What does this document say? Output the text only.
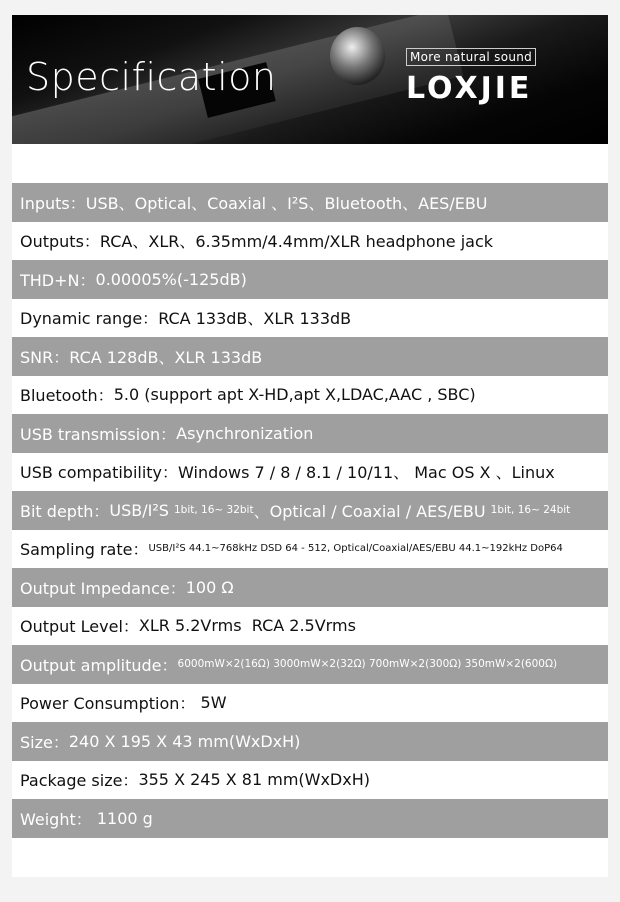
Specification	More natural sound
LOXJIE
Inputs： USB、Optical、Coaxial 、I²S、Bluetooth、AES/EBU
Outputs： RCA、XLR、6.35mm/4.4mm/XLR headphone jack
THD+N： 0.00005%(-125dB)
Dynamic range： RCA 133dB、XLR 133dB
SNR： RCA 128dB、XLR 133dB
Bluetooth： 5.0 (support apt X-HD,apt X,LDAC,AAC , SBC)
USB transmission： Asynchronization
USB compatibility： Windows 7 / 8 / 8.1 / 10/11、 Mac OS X 、Linux
Bit depth： USB/I²S 1bit, 16~ 32bit 、Optical / Coaxial / AES/EBU 1bit, 16~ 24bit
Sampling rate： USB/I²S 44.1~768kHz DSD 64 - 512, Optical/Coaxial/AES/EBU 44.1~192kHz DoP64
Output Impedance： 100 Ω
Output Level： XLR 5.2Vrms  RCA 2.5Vrms
Output amplitude： 6000mW×2(16Ω) 3000mW×2(32Ω) 700mW×2(300Ω) 350mW×2(600Ω)
Power Consumption： 5W
Size： 240 X 195 X 43 mm(WxDxH)
Package size： 355 X 245 X 81 mm(WxDxH)
Weight： 1100 g
